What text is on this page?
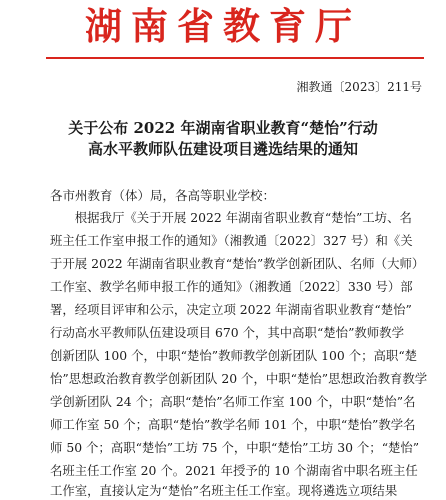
湖南省教育厅
湘教通〔2023〕211号
关于公布 2022 年湖南省职业教育“楚怡”行动
高水平教师队伍建设项目遴选结果的通知
各市州教育（体）局，各高等职业学校：
　　根据我厅《关于开展 2022 年湖南省职业教育“楚怡”工坊、名
班主任工作室申报工作的通知》（湘教通〔2022〕327 号）和《关
于开展 2022 年湖南省职业教育“楚怡”教学创新团队、名师（大师）
工作室、教学名师申报工作的通知》（湘教通〔2022〕330 号）部
署，经项目评审和公示，决定立项 2022 年湖南省职业教育“楚怡”
行动高水平教师队伍建设项目 670 个，其中高职“楚怡”教师教学
创新团队 100 个，中职“楚怡”教师教学创新团队 100 个；高职“楚
怡”思想政治教育教学创新团队 20 个，中职“楚怡”思想政治教育教学
学创新团队 24 个；高职“楚怡”名师工作室 100 个，中职“楚怡”名
师工作室 50 个；高职“楚怡”教学名师 101 个，中职“楚怡”教学名
师 50 个；高职“楚怡”工坊 75 个，中职“楚怡”工坊 30 个；“楚怡”
名班主任工作室 20 个。2021 年授予的 10 个湖南省中职名班主任
工作室，直接认定为“楚怡”名班主任工作室。现将遴选立项结果
